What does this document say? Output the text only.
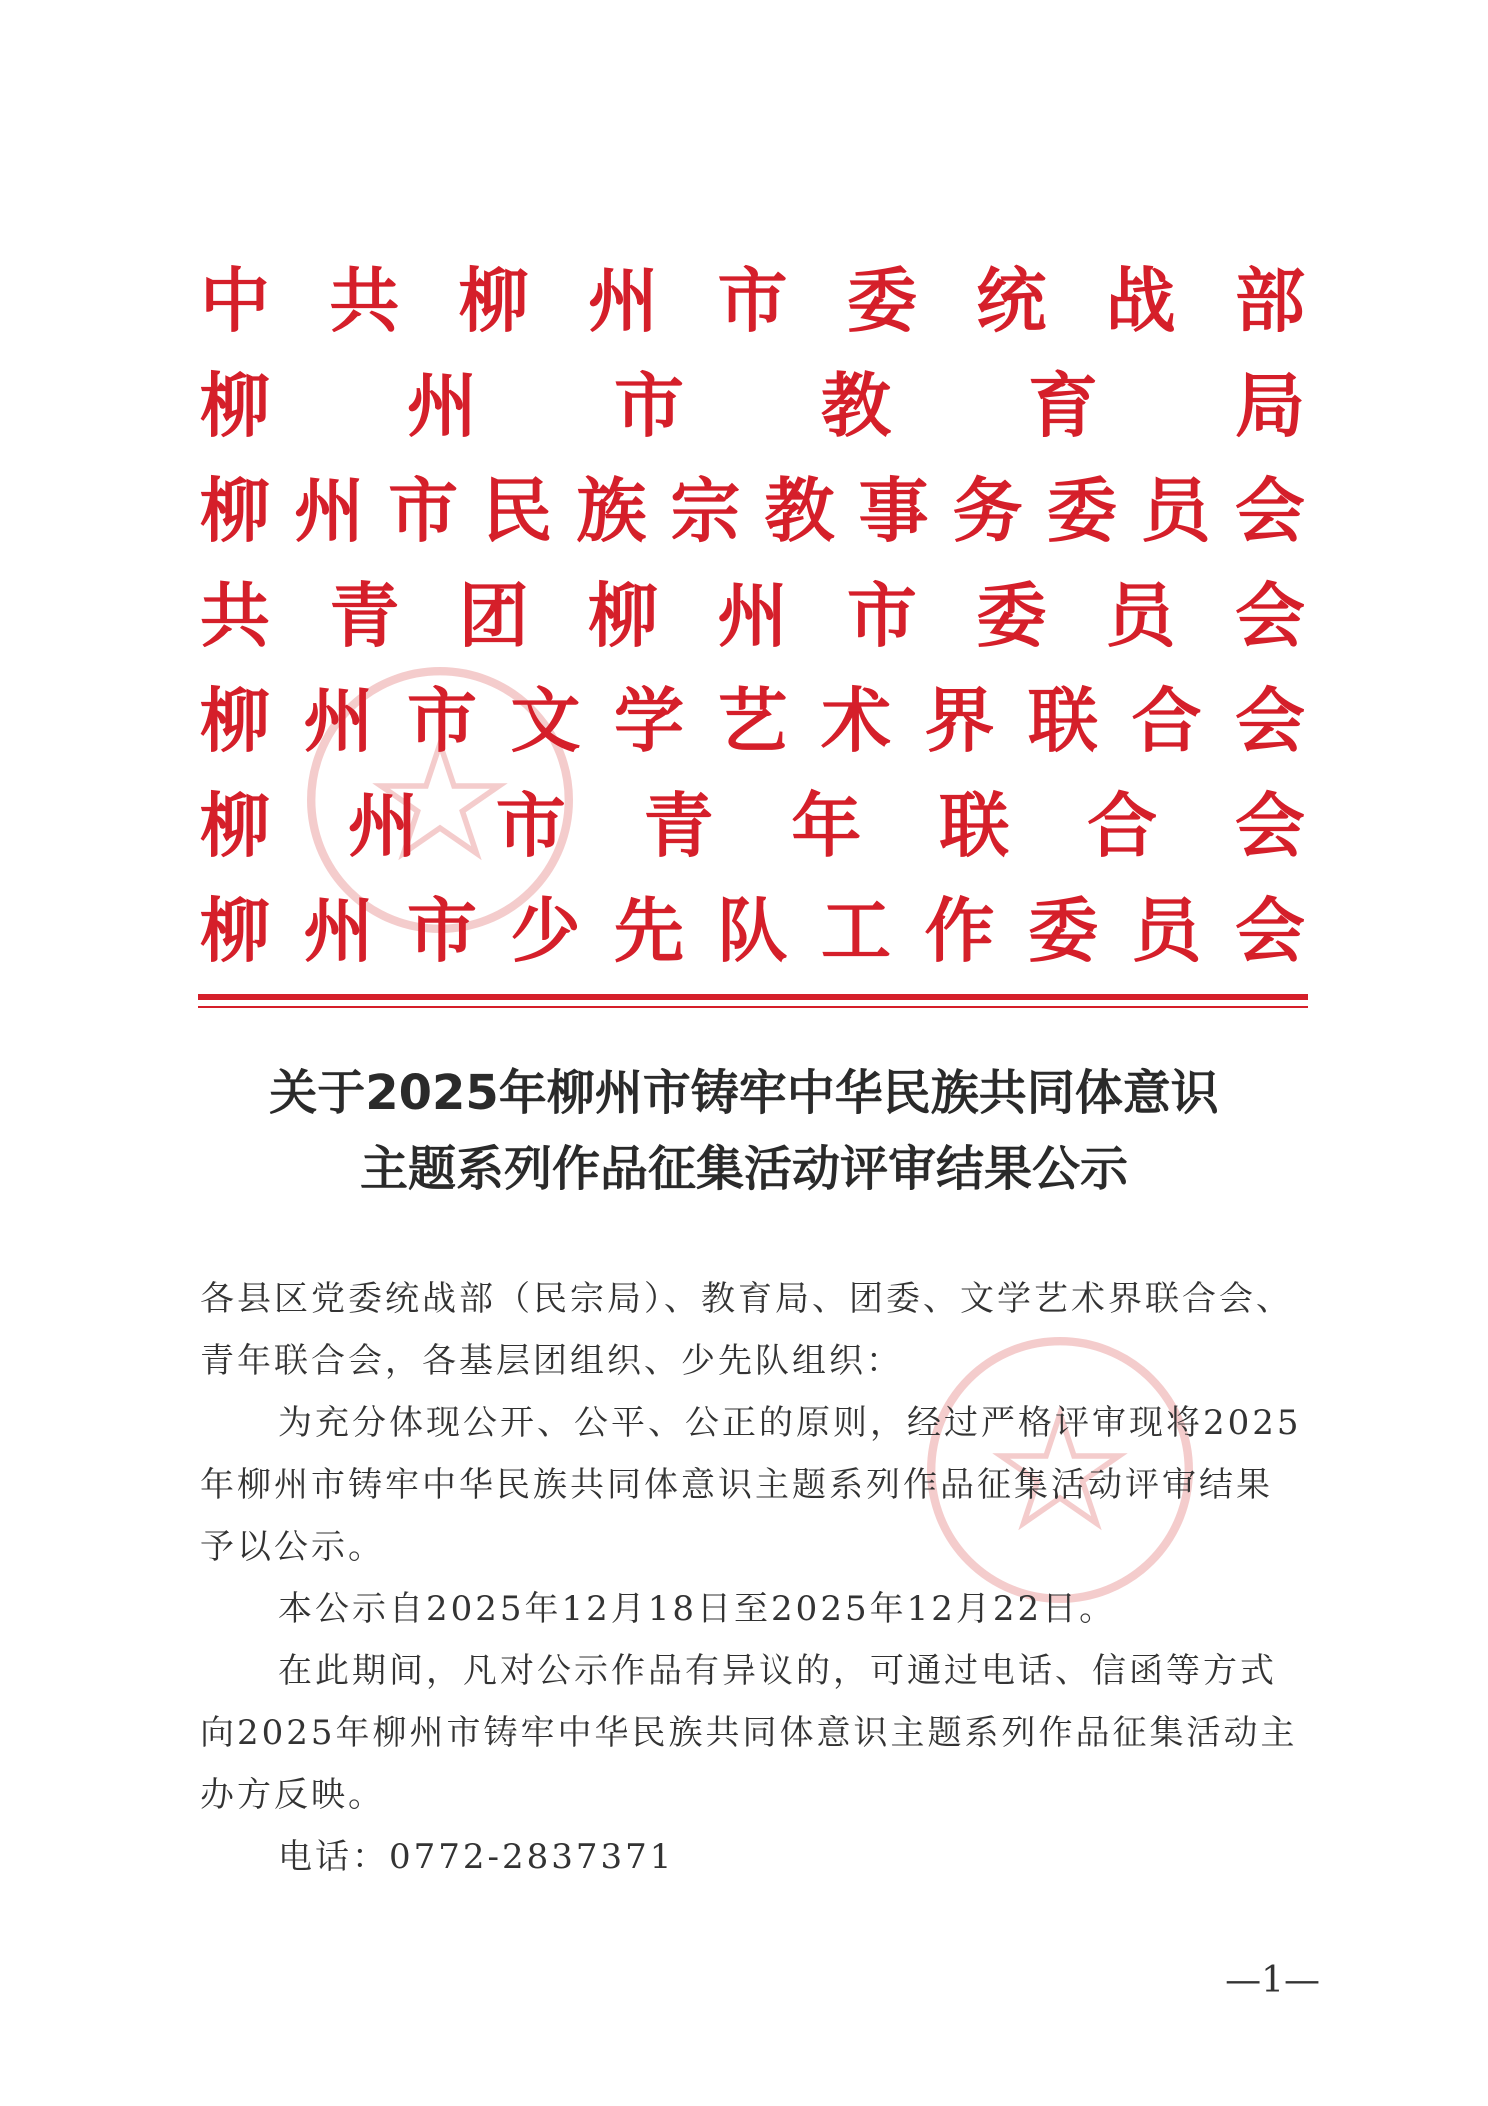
中 共 柳 州 市 委 统 战 部
柳 州 市 教 育 局
柳 州 市 民 族 宗 教 事 务 委 员 会
共 青 团 柳 州 市 委 员 会
柳 州 市 文 学 艺 术 界 联 合 会
柳 州 市 青 年 联 合 会
柳 州 市 少 先 队 工 作 委 员 会
关于2025年柳州市铸牢中华民族共同体意识
主题系列作品征集活动评审结果公示

各县区党委统战部（民宗局）、教育局、团委、文学艺术界联合会、青年联合会，各基层团组织、少先队组织：

为充分体现公开、公平、公正的原则，经过严格评审现将2025年柳州市铸牢中华民族共同体意识主题系列作品征集活动评审结果予以公示。

本公示自2025年12月18日至2025年12月22日。

在此期间，凡对公示作品有异议的，可通过电话、信函等方式向2025年柳州市铸牢中华民族共同体意识主题系列作品征集活动主办方反映。

电话：0772-2837371

—1—
